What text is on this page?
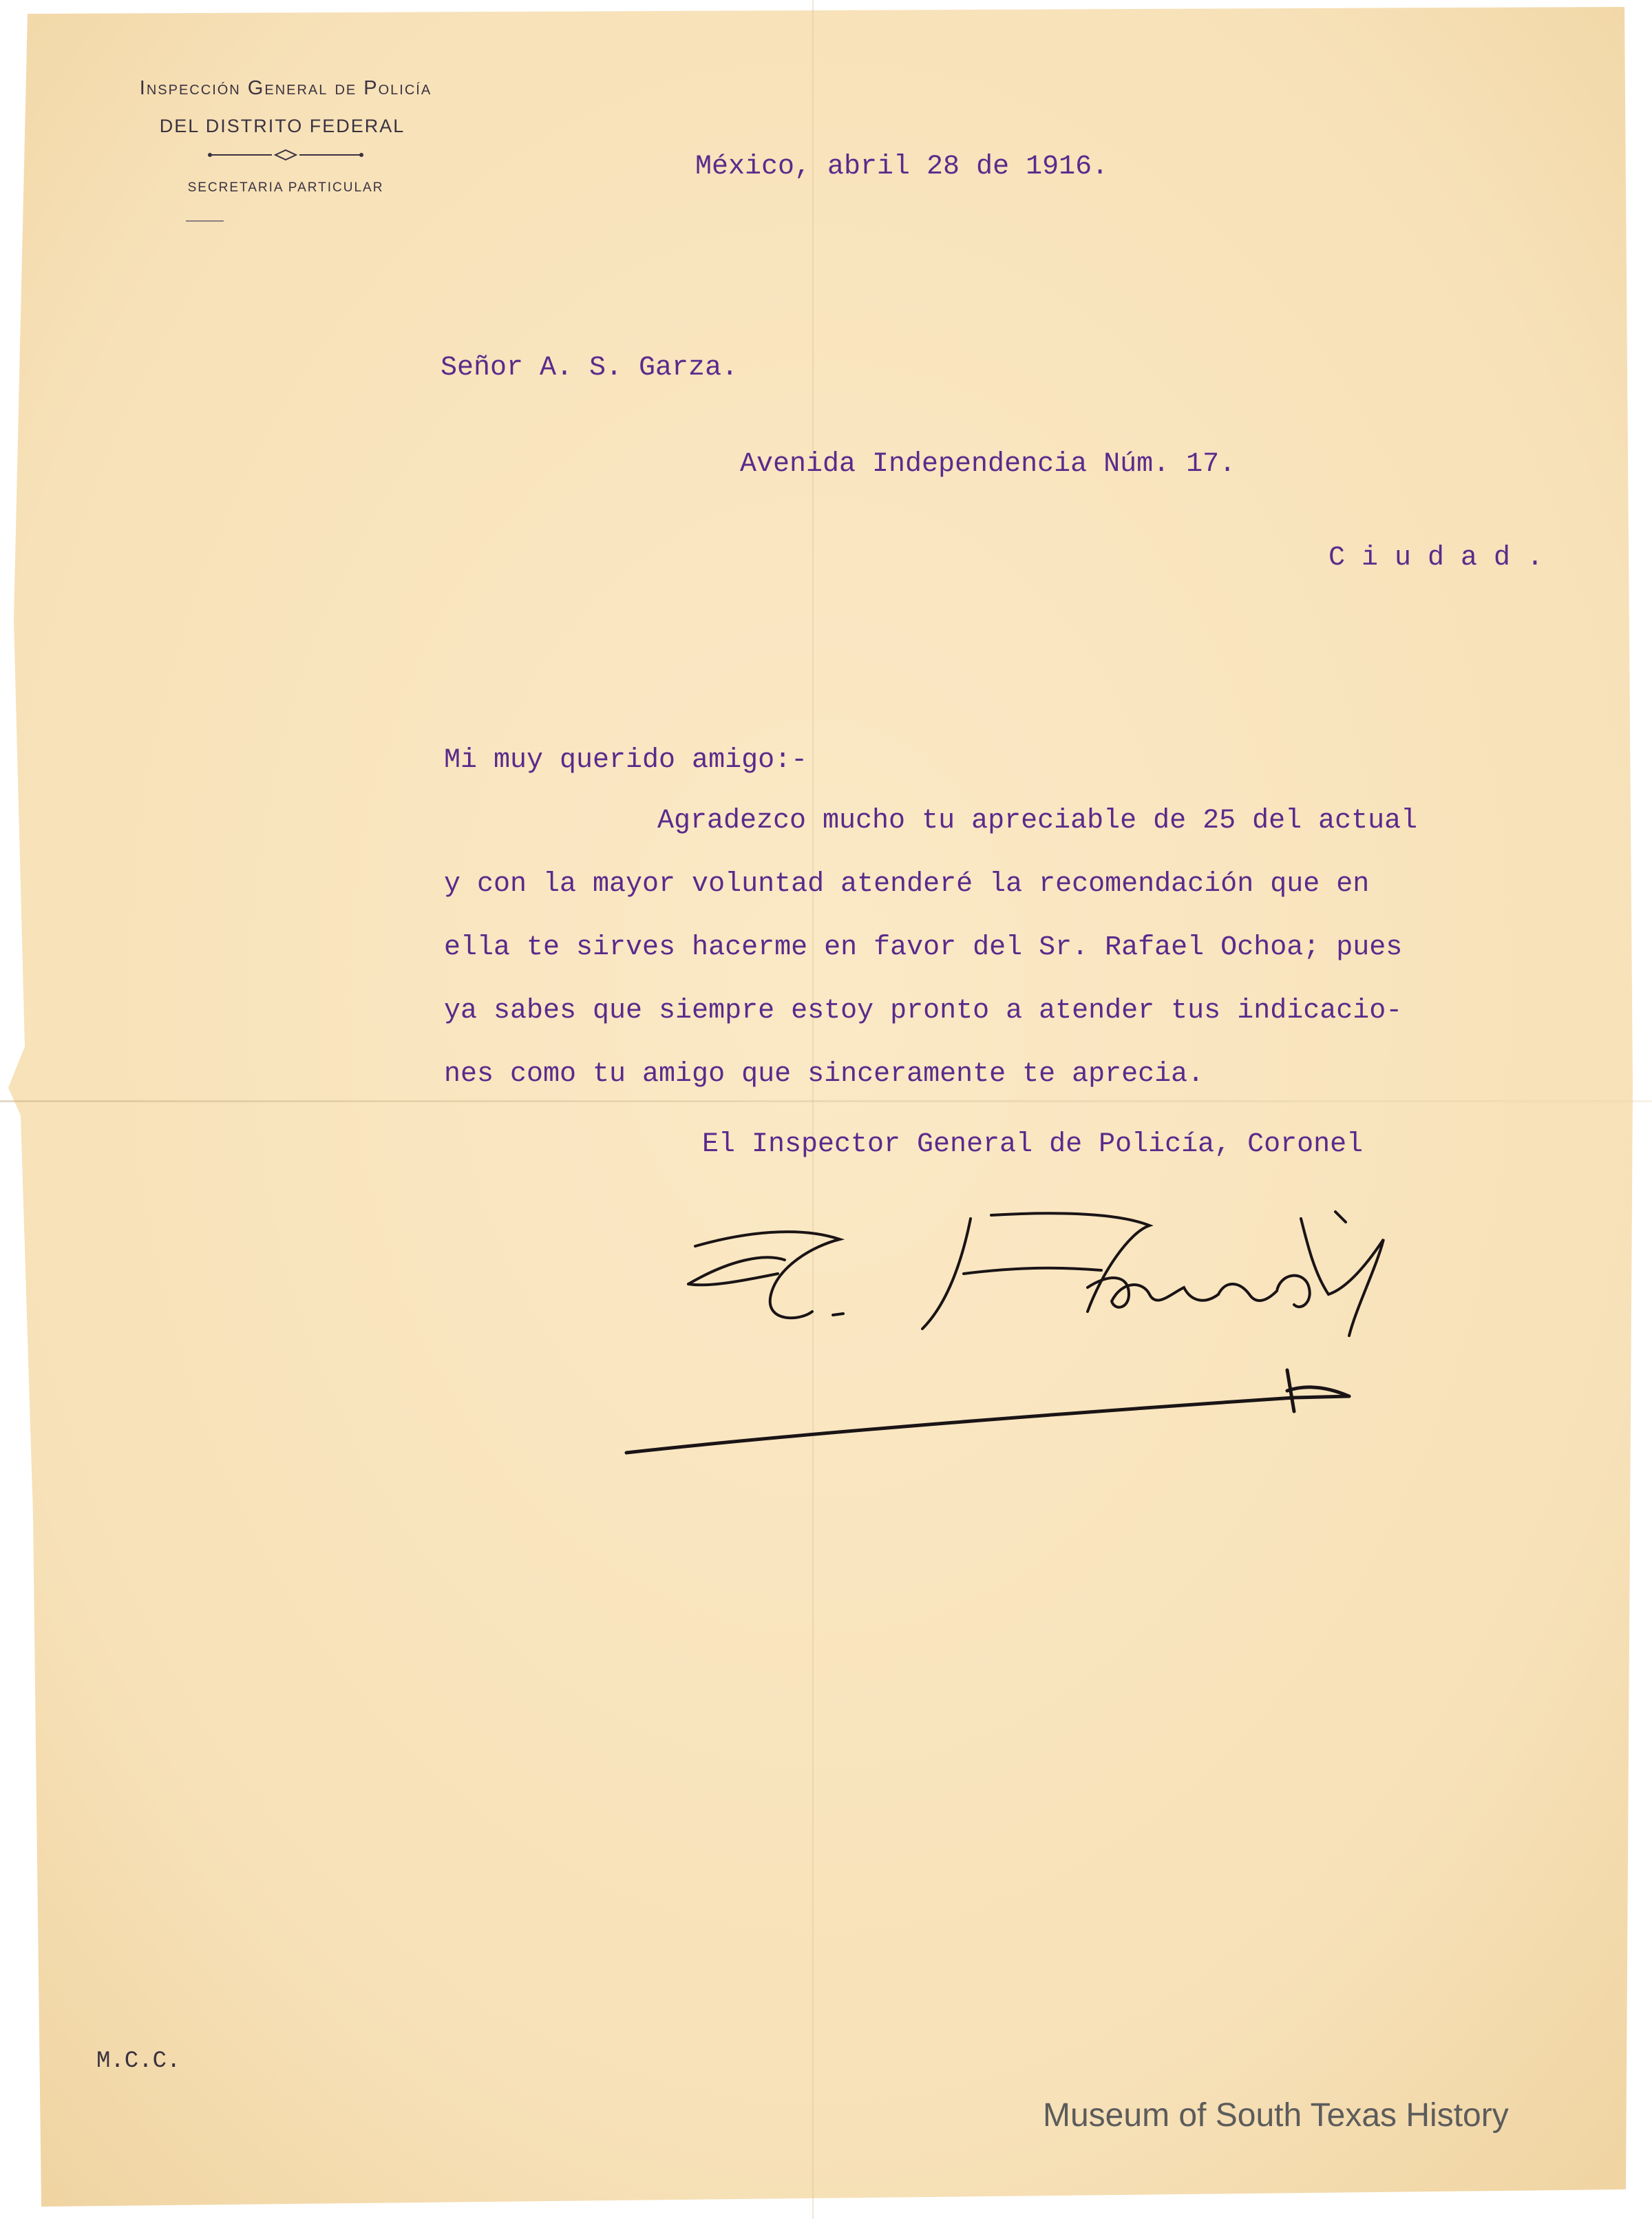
Inspección General de Policía
DEL DISTRITO FEDERAL
SECRETARIA PARTICULAR
México, abril 28 de 1916.
Señor A. S. Garza.
Avenida Independencia Núm. 17.
C i u d a d .
Mi muy querido amigo:-
Agradezco mucho tu apreciable de 25 del actual
y con la mayor voluntad atenderé la recomendación que en
ella te sirves hacerme en favor del Sr. Rafael Ochoa; pues
ya sabes que siempre estoy pronto a atender tus indicacio-
nes como tu amigo que sinceramente te aprecia.
El Inspector General de Policía, Coronel
M.C.C.
Museum of South Texas History
